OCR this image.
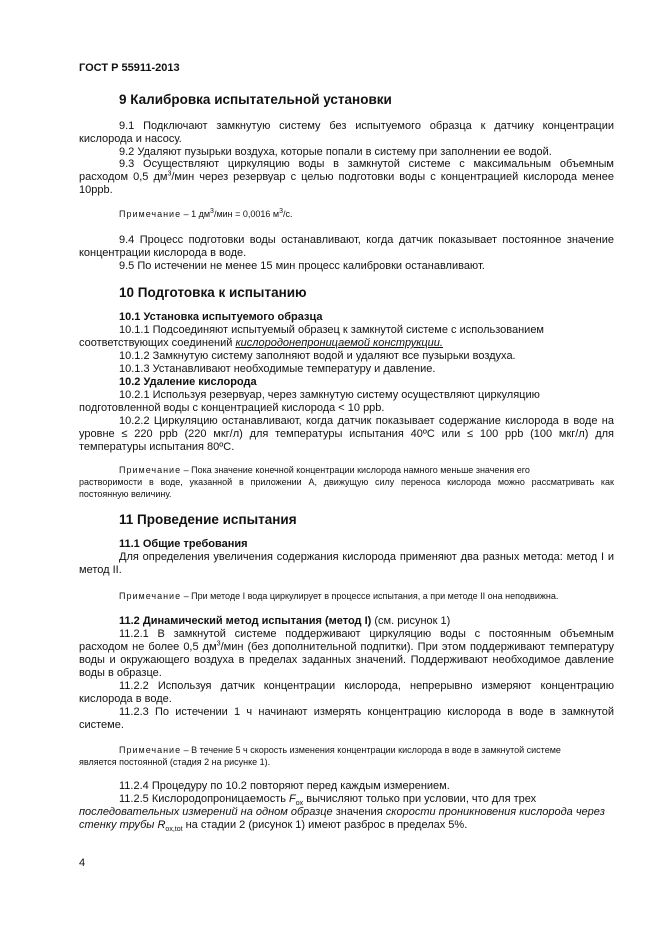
ГОСТ Р 55911-2013
9 Калибровка испытательной установки
9.1 Подключают замкнутую систему без испытуемого образца к датчику концентрации
кислорода и насосу.
9.2 Удаляют пузырьки воздуха, которые попали в систему при заполнении ее водой.
9.3 Осуществляют циркуляцию воды в замкнутой системе с максимальным объемным
расходом 0,5 $дм^3$/мин через резервуар с целью подготовки воды с концентрацией кислорода менее
10ppb.
Примечание – 1 $дм^3$/мин = 0,0016 $м^3/с$.
9.4 Процесс подготовки воды останавливают, когда датчик показывает постоянное значение
концентрации кислорода в воде.
9.5 По истечении не менее 15 мин процесс калибровки останавливают.
10 Подготовка к испытанию
10.1 Установка испытуемого образца
10.1.1 Подсоединяют испытуемый образец к замкнутой системе с использованием
соответствующих соединений кислородонепроницаемой конструкции.
10.1.2 Замкнутую систему заполняют водой и удаляют все пузырьки воздуха.
10.1.3 Устанавливают необходимые температуру и давление.
10.2 Удаление кислорода
10.2.1 Используя резервуар, через замкнутую систему осуществляют циркуляцию
подготовленной воды с концентрацией кислорода < 10 ppb.
10.2.2 Циркуляцию останавливают, когда датчик показывает содержание кислорода в воде на
уровне ≤ 220 ppb (220 мкг/л) для температуры испытания 40ºС или ≤ 100 ppb (100 мкг/л) для
температуры испытания 80ºС.
Примечание – Пока значение конечной концентрации кислорода намного меньше значения его
растворимости в воде, указанной в приложении А, движущую силу переноса кислорода можно рассматривать как
постоянную величину.
11 Проведение испытания
11.1 Общие требования
Для определения увеличения содержания кислорода применяют два разных метода: метод I и
метод II.
Примечание – При методе I вода циркулирует в процессе испытания, а при методе II она неподвижна.
11.2 Динамический метод испытания (метод I) (см. рисунок 1)
11.2.1 В замкнутой системе поддерживают циркуляцию воды с постоянным объемным
расходом не более 0,5 $дм^3$/мин (без дополнительной подпитки). При этом поддерживают температуру
воды и окружающего воздуха в пределах заданных значений. Поддерживают необходимое давление
воды в образце.
11.2.2 Используя датчик концентрации кислорода, непрерывно измеряют концентрацию
кислорода в воде.
11.2.3 По истечении 1 ч начинают измерять концентрацию кислорода в воде в замкнутой
системе.
Примечание – В течение 5 ч скорость изменения концентрации кислорода в воде в замкнутой системе
является постоянной (стадия 2 на рисунке 1).
11.2.4 Процедуру по 10.2 повторяют перед каждым измерением.
11.2.5 Кислородопроницаемость $F_{ox}$ вычисляют только при условии, что для трех
последовательных измерений на одном образце значения скорости проникновения кислорода через
стенку трубы $R_{ox,tot}$ на стадии 2 (рисунок 1) имеют разброс в пределах 5%.
4
